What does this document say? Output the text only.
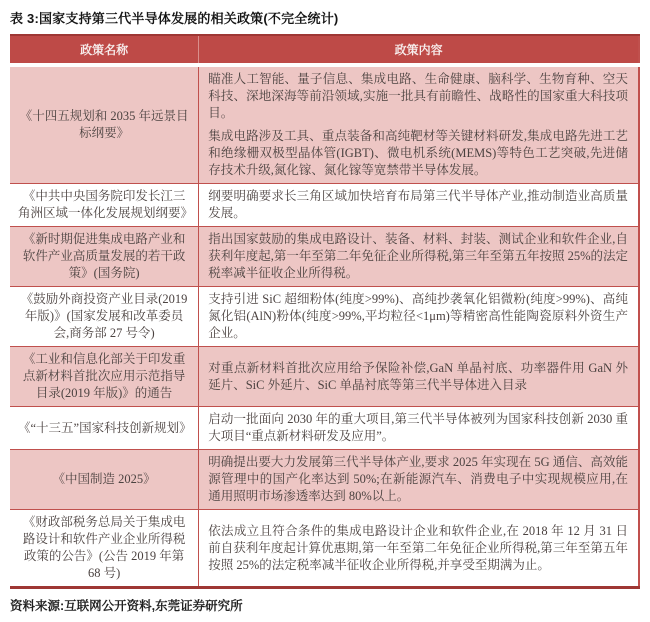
表 3:国家支持第三代半导体发展的相关政策(不完全统计)
政策名称	政策内容
《十四五规划和 2035 年远景目标纲要》	瞄准人工智能、量子信息、集成电路、生命健康、脑科学、生物育种、空天科技、深地深海等前沿领域,实施一批具有前瞻性、战略性的国家重大科技项目。

集成电路涉及工具、重点装备和高纯靶材等关键材料研发,集成电路先进工艺和绝缘栅双极型晶体管(IGBT)、微电机系统(MEMS)等特色工艺突破,先进储存技术升级,氮化镓、氮化镓等宽禁带半导体发展。

《中共中央国务院印发长江三角洲区域一体化发展规划纲要》	纲要明确要求长三角区域加快培育布局第三代半导体产业,推动制造业高质量发展。

《新时期促进集成电路产业和软件产业高质量发展的若干政策》(国务院)	指出国家鼓励的集成电路设计、装备、材料、封装、测试企业和软件企业,自获利年度起,第一年至第二年免征企业所得税,第三年至第五年按照 25%的法定税率减半征收企业所得税。

《鼓励外商投资产业目录(2019 年版)》(国家发展和改革委员会,商务部 27 号令)	支持引进 SiC 超细粉体(纯度>99%)、高纯抄袭氧化铝微粉(纯度>99%)、高纯氮化铝(AlN)粉体(纯度>99%,平均粒径<1μm)等精密高性能陶瓷原料外资生产企业。

《工业和信息化部关于印发重点新材料首批次应用示范指导目录(2019 年版)》的通告	对重点新材料首批次应用给予保险补偿,GaN 单晶衬底、功率器件用 GaN 外延片、SiC 外延片、SiC 单晶衬底等第三代半导体进入目录

《“十三五”国家科技创新规划》	启动一批面向 2030 年的重大项目,第三代半导体被列为国家科技创新 2030 重大项目“重点新材料研发及应用”。

《中国制造 2025》	明确提出要大力发展第三代半导体产业,要求 2025 年实现在 5G 通信、高效能源管理中的国产化率达到 50%;在新能源汽车、消费电子中实现规模应用,在通用照明市场渗透率达到 80%以上。

《财政部税务总局关于集成电路设计和软件产业企业所得税政策的公告》(公告 2019 年第 68 号)	依法成立且符合条件的集成电路设计企业和软件企业,在 2018 年 12 月 31 日前自获利年度起计算优惠期,第一年至第二年免征企业所得税,第三年至第五年按照 25%的法定税率减半征收企业所得税,并享受至期满为止。

资料来源:互联网公开资料,东莞证券研究所
